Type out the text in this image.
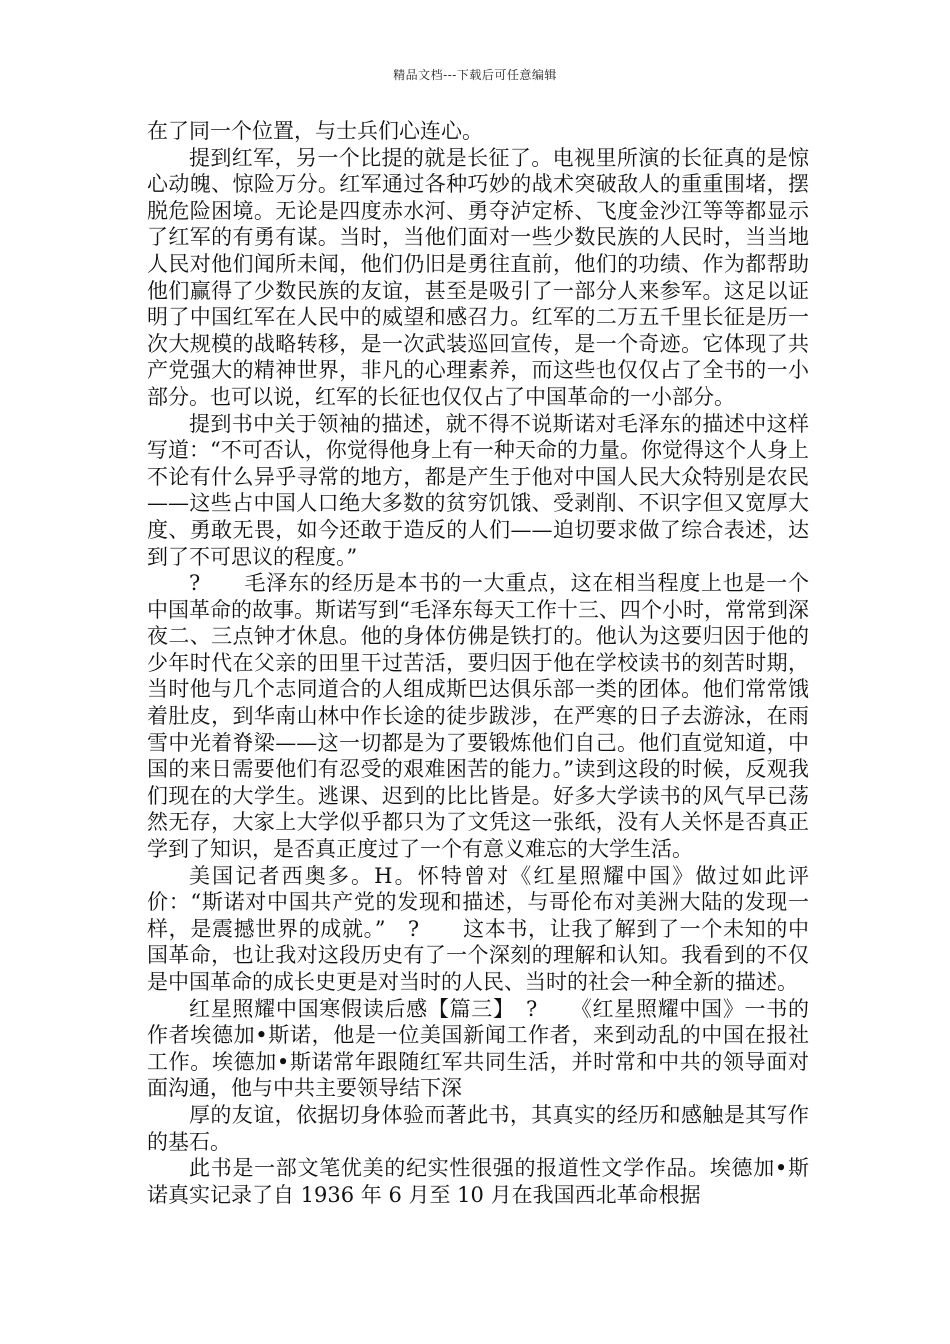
精品文档---下载后可任意编辑

在了同一个位置，与士兵们心连心。

提到红军，另一个比提的就是长征了。电视里所演的长征真的是惊心动魄、惊险万分。红军通过各种巧妙的战术突破敌人的重重围堵，摆脱危险困境。无论是四度赤水河、勇夺泸定桥、飞度金沙江等等都显示了红军的有勇有谋。当时，当他们面对一些少数民族的人民时，当当地人民对他们闻所未闻，他们仍旧是勇往直前，他们的功绩、作为都帮助他们赢得了少数民族的友谊，甚至是吸引了一部分人来参军。这足以证明了中国红军在人民中的威望和感召力。红军的二万五千里长征是历一次大规模的战略转移，是一次武装巡回宣传，是一个奇迹。它体现了共产党强大的精神世界，非凡的心理素养，而这些也仅仅占了全书的一小部分。也可以说，红军的长征也仅仅占了中国革命的一小部分。

提到书中关于领袖的描述，就不得不说斯诺对毛泽东的描述中这样写道：“不可否认，你觉得他身上有一种天命的力量。你觉得这个人身上不论有什么异乎寻常的地方，都是产生于他对中国人民大众特别是农民——这些占中国人口绝大多数的贫穷饥饿、受剥削、不识字但又宽厚大度、勇敢无畏，如今还敢于造反的人们——迫切要求做了综合表述，达到了不可思议的程度。”

?　　毛泽东的经历是本书的一大重点，这在相当程度上也是一个中国革命的故事。斯诺写到“毛泽东每天工作十三、四个小时，常常到深夜二、三点钟才休息。他的身体仿佛是铁打的。他认为这要归因于他的少年时代在父亲的田里干过苦活，要归因于他在学校读书的刻苦时期，当时他与几个志同道合的人组成斯巴达俱乐部一类的团体。他们常常饿着肚皮，到华南山林中作长途的徒步跋涉，在严寒的日子去游泳，在雨雪中光着脊梁——这一切都是为了要锻炼他们自己。他们直觉知道，中国的来日需要他们有忍受的艰难困苦的能力。”读到这段的时候，反观我们现在的大学生。逃课、迟到的比比皆是。好多大学读书的风气早已荡然无存，大家上大学似乎都只为了文凭这一张纸，没有人关怀是否真正学到了知识，是否真正度过了一个有意义难忘的大学生活。

美国记者西奥多。H。怀特曾对《红星照耀中国》做过如此评价：“斯诺对中国共产党的发现和描述，与哥伦布对美洲大陆的发现一样，是震撼世界的成就。”　?　　这本书，让我了解到了一个未知的中国革命，也让我对这段历史有了一个深刻的理解和认知。我看到的不仅是中国革命的成长史更是对当时的人民、当时的社会一种全新的描述。

红星照耀中国寒假读后感【篇三】　?　　《红星照耀中国》一书的作者埃德加•斯诺，他是一位美国新闻工作者，来到动乱的中国在报社工作。埃德加•斯诺常年跟随红军共同生活，并时常和中共的领导面对面沟通，他与中共主要领导结下深

厚的友谊，依据切身体验而著此书，其真实的经历和感触是其写作的基石。

此书是一部文笔优美的纪实性很强的报道性文学作品。埃德加•斯诺真实记录了自 1936 年 6 月至 10 月在我国西北革命根据
